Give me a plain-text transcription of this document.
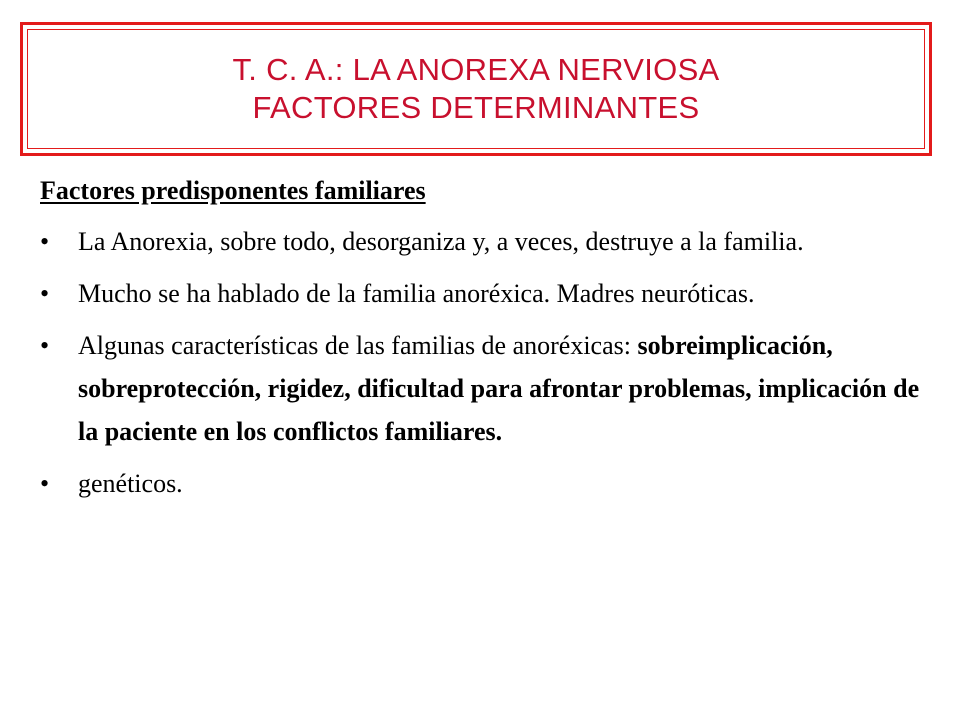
T. C. A.: LA ANOREXA NERVIOSA
FACTORES DETERMINANTES
Factores predisponentes familiares
• La Anorexia, sobre todo, desorganiza y, a veces, destruye a la familia.
• Mucho se ha hablado de la familia anoréxica. Madres neuróticas.
• Algunas características de las familias de anoréxicas: sobreimplicación, sobreprotección, rigidez, dificultad para afrontar problemas, implicación de la paciente en los conflictos familiares.
• genéticos.
